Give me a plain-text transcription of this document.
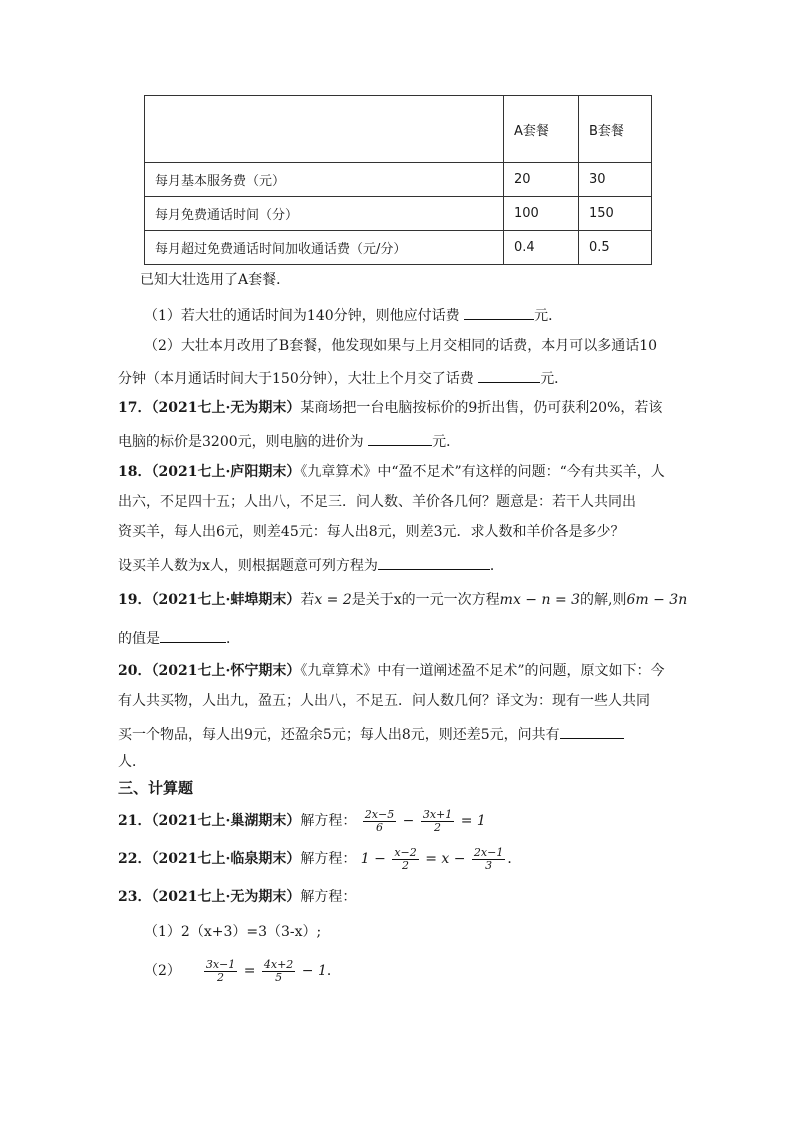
	A套餐	B套餐
每月基本服务费（元）	20	30
每月免费通话时间（分）	100	150
每月超过免费通话时间加收通话费（元/分）	0.4	0.5
已知大壮选用了A套餐．
（1）若大壮的通话时间为140分钟，则他应付话费	元．
（2）大壮本月改用了B套餐，他发现如果与上月交相同的话费，本月可以多通话10
分钟（本月通话时间大于150分钟），大壮上个月交了话费	元．
17．（2021七上·无为期末）某商场把一台电脑按标价的9折出售，仍可获利20%，若该
电脑的标价是3200元，则电脑的进价为	元．
18．（2021七上·庐阳期末）《九章算术》中“盈不足术”有这样的问题：“今有共买羊，人
出六，不足四十五；人出八，不足三．问人数、羊价各几何？题意是：若干人共同出
资买羊，每人出6元，则差45元：每人出8元，则差3元．求人数和羊价各是多少？
设买羊人数为x人，则根据题意可列方程为	．
19．（2021七上·蚌埠期末）若x = 2是关于x的一元一次方程mx − n = 3的解,则6m − 3n
的值是	．
20．（2021七上·怀宁期末）《九章算术》中有一道阐述盈不足术”的问题，原文如下：今
有人共买物，人出九，盈五；人出八，不足五．问人数几何？译文为：现有一些人共同
买一个物品，每人出9元，还盈余5元；每人出8元，则还差5元，问共有
人．
三、计算题
21．（2021七上·巢湖期末）解方程： $\frac{2x-5}{6} - \frac{3x+1}{2} = 1$
22．（2021七上·临泉期末）解方程： $1 - \frac{x-2}{2} = x - \frac{2x-1}{3}$ ．
23．（2021七上·无为期末）解方程：
（1）2（x+3）=3（3-x）;
$(2) \frac{3x-1}{2} = \frac{4x+2}{5} - 1$．
